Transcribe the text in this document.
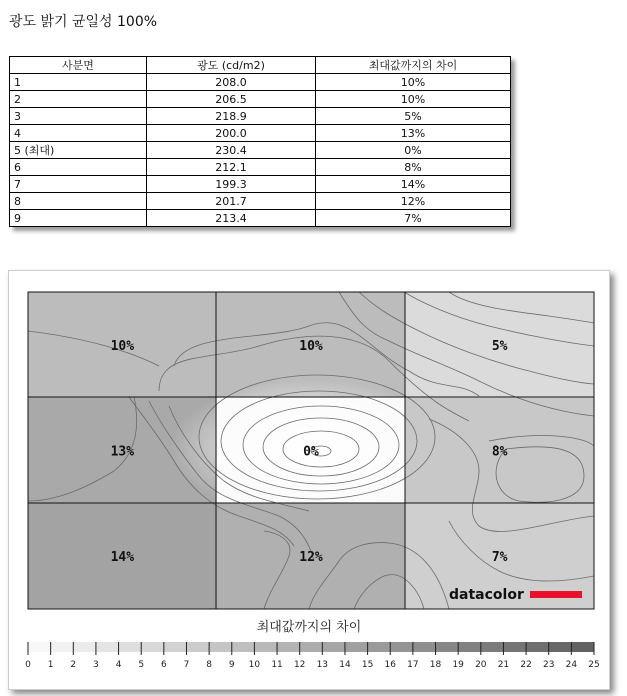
광도 밝기 균일성 100%
사분면	광도 (cd/m2)	최대값까지의 차이
1	208.0	10%
2	206.5	10%
3	218.9	5%
4	200.0	13%
5 (최대)	230.4	0%
6	212.1	8%
7	199.3	14%
8	201.7	12%
9	213.4	7%
10%	10%	5%
13%	0%	8%
14%	12%	7%
datacolor
최대값까지의 차이
0 1 2 3 4 5 6 7 8 9 10 11 12 13 14 15 16 17 18 19 20 21 22 23 24 25
